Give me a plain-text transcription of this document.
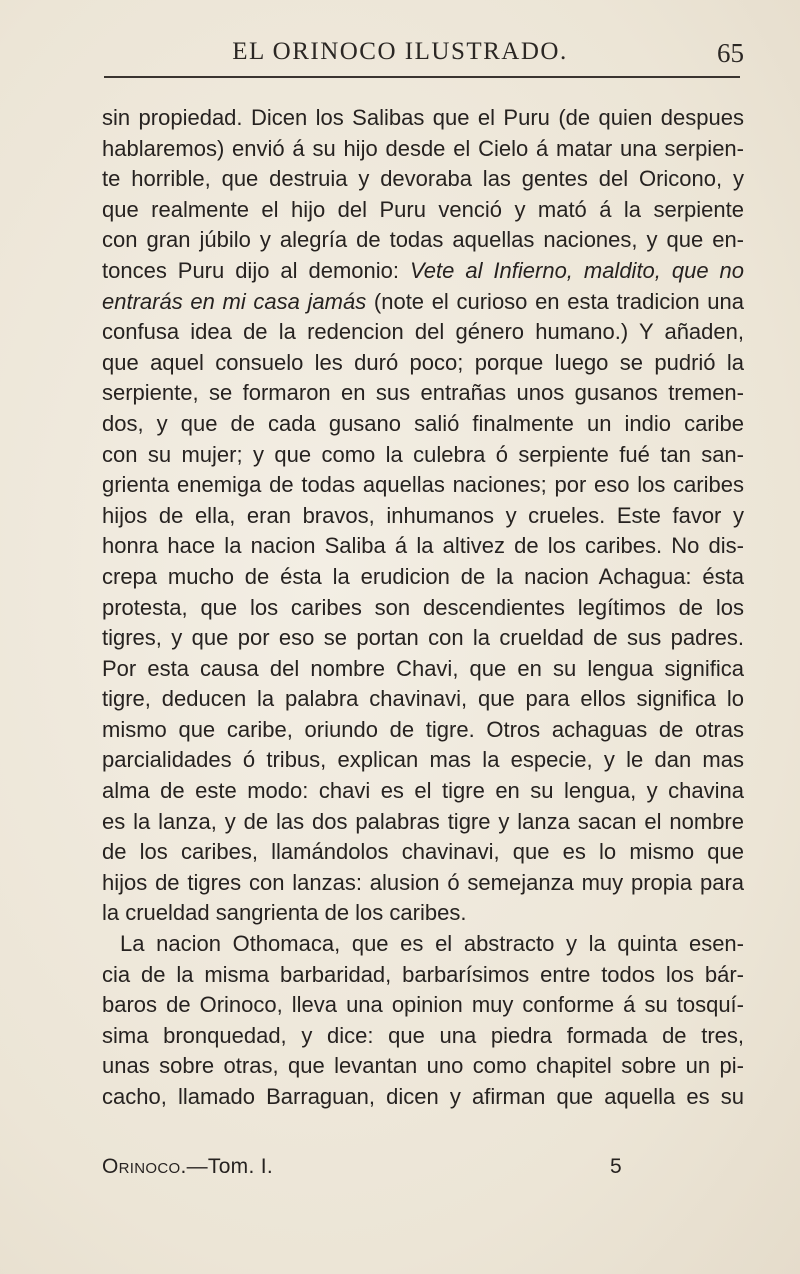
EL ORINOCO ILUSTRADO.	65
sin propiedad. Dicen los Salibas que el Puru (de quien despues
hablaremos) envió á su hijo desde el Cielo á matar una serpien-
te horrible, que destruia y devoraba las gentes del Oricono, y
que realmente el hijo del Puru venció y mató á la serpiente
con gran júbilo y alegría de todas aquellas naciones, y que en-
tonces Puru dijo al demonio: Vete al Infierno, maldito, que no
entrarás en mi casa jamás (note el curioso en esta tradicion una
confusa idea de la redencion del género humano.) Y añaden,
que aquel consuelo les duró poco; porque luego se pudrió la
serpiente, se formaron en sus entrañas unos gusanos tremen-
dos, y que de cada gusano salió finalmente un indio caribe
con su mujer; y que como la culebra ó serpiente fué tan san-
grienta enemiga de todas aquellas naciones; por eso los caribes
hijos de ella, eran bravos, inhumanos y crueles. Este favor y
honra hace la nacion Saliba á la altivez de los caribes. No dis-
crepa mucho de ésta la erudicion de la nacion Achagua: ésta
protesta, que los caribes son descendientes legítimos de los
tigres, y que por eso se portan con la crueldad de sus padres.
Por esta causa del nombre Chavi, que en su lengua significa
tigre, deducen la palabra chavinavi, que para ellos significa lo
mismo que caribe, oriundo de tigre. Otros achaguas de otras
parcialidades ó tribus, explican mas la especie, y le dan mas
alma de este modo: chavi es el tigre en su lengua, y chavina
es la lanza, y de las dos palabras tigre y lanza sacan el nombre
de los caribes, llamándolos chavinavi, que es lo mismo que
hijos de tigres con lanzas: alusion ó semejanza muy propia para
la crueldad sangrienta de los caribes.
La nacion Othomaca, que es el abstracto y la quinta esen-
cia de la misma barbaridad, barbarísimos entre todos los bár-
baros de Orinoco, lleva una opinion muy conforme á su tosquí-
sima bronquedad, y dice: que una piedra formada de tres,
unas sobre otras, que levantan uno como chapitel sobre un pi-
cacho, llamado Barraguan, dicen y afirman que aquella es su
Orinoco.—Tom. I.	5
